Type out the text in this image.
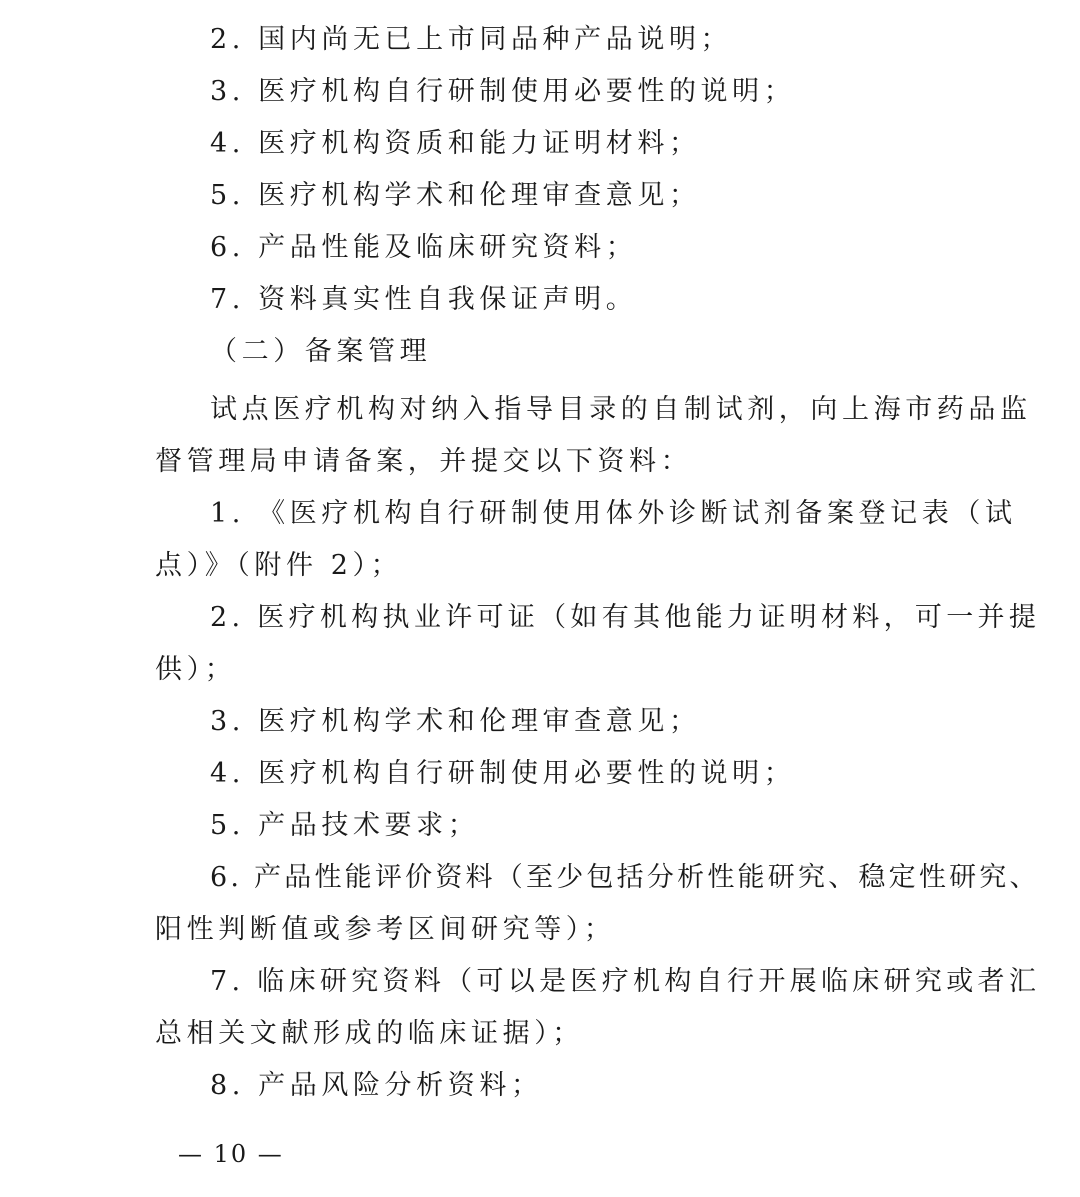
2. 国内尚无已上市同品种产品说明；
3. 医疗机构自行研制使用必要性的说明；
4. 医疗机构资质和能力证明材料；
5. 医疗机构学术和伦理审查意见；
6. 产品性能及临床研究资料；
7. 资料真实性自我保证声明。
（二）备案管理
试点医疗机构对纳入指导目录的自制试剂，向上海市药品监
督管理局申请备案，并提交以下资料：
1. 《医疗机构自行研制使用体外诊断试剂备案登记表（试
点）》（附件 2）；
2. 医疗机构执业许可证（如有其他能力证明材料，可一并提
供）；
3. 医疗机构学术和伦理审查意见；
4. 医疗机构自行研制使用必要性的说明；
5. 产品技术要求；
6. 产品性能评价资料（至少包括分析性能研究、稳定性研究、
阳性判断值或参考区间研究等）；
7. 临床研究资料（可以是医疗机构自行开展临床研究或者汇
总相关文献形成的临床证据）；
8. 产品风险分析资料；
— 10 —
